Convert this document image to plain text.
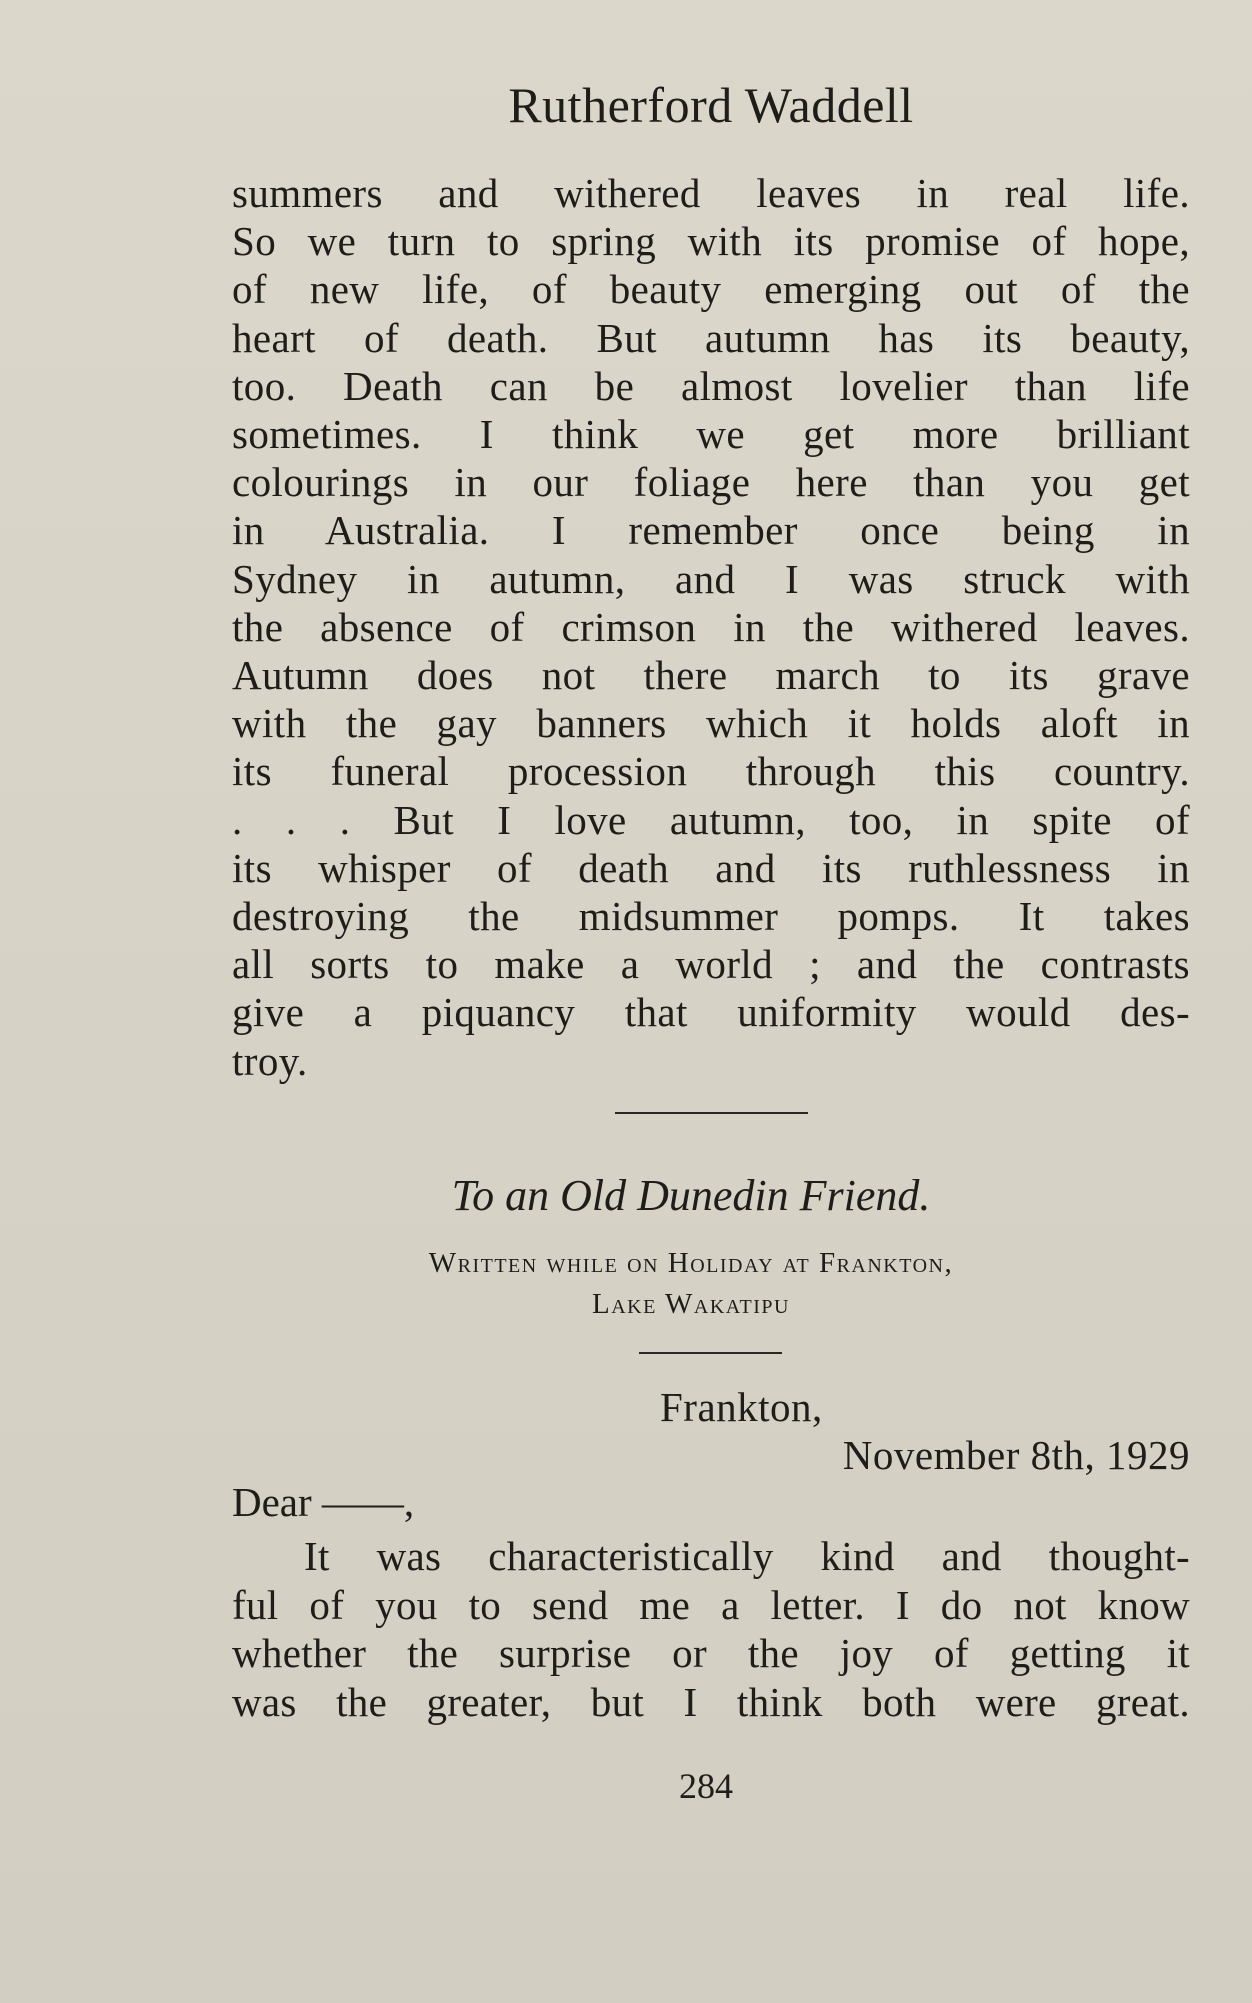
Rutherford Waddell
summers and withered leaves in real life.
So we turn to spring with its promise of hope,
of new life, of beauty emerging out of the
heart of death. But autumn has its beauty,
too. Death can be almost lovelier than life
sometimes. I think we get more brilliant
colourings in our foliage here than you get
in Australia. I remember once being in
Sydney in autumn, and I was struck with
the absence of crimson in the withered leaves.
Autumn does not there march to its grave
with the gay banners which it holds aloft in
its funeral procession through this country.
. . . But I love autumn, too, in spite of
its whisper of death and its ruthlessness in
destroying the midsummer pomps. It takes
all sorts to make a world ; and the contrasts
give a piquancy that uniformity would des-
troy.
To an Old Dunedin Friend.
Written while on Holiday at Frankton,
Lake Wakatipu
Frankton,
November 8th, 1929
Dear ——,
It was characteristically kind and thought-
ful of you to send me a letter. I do not know
whether the surprise or the joy of getting it
was the greater, but I think both were great.
284
